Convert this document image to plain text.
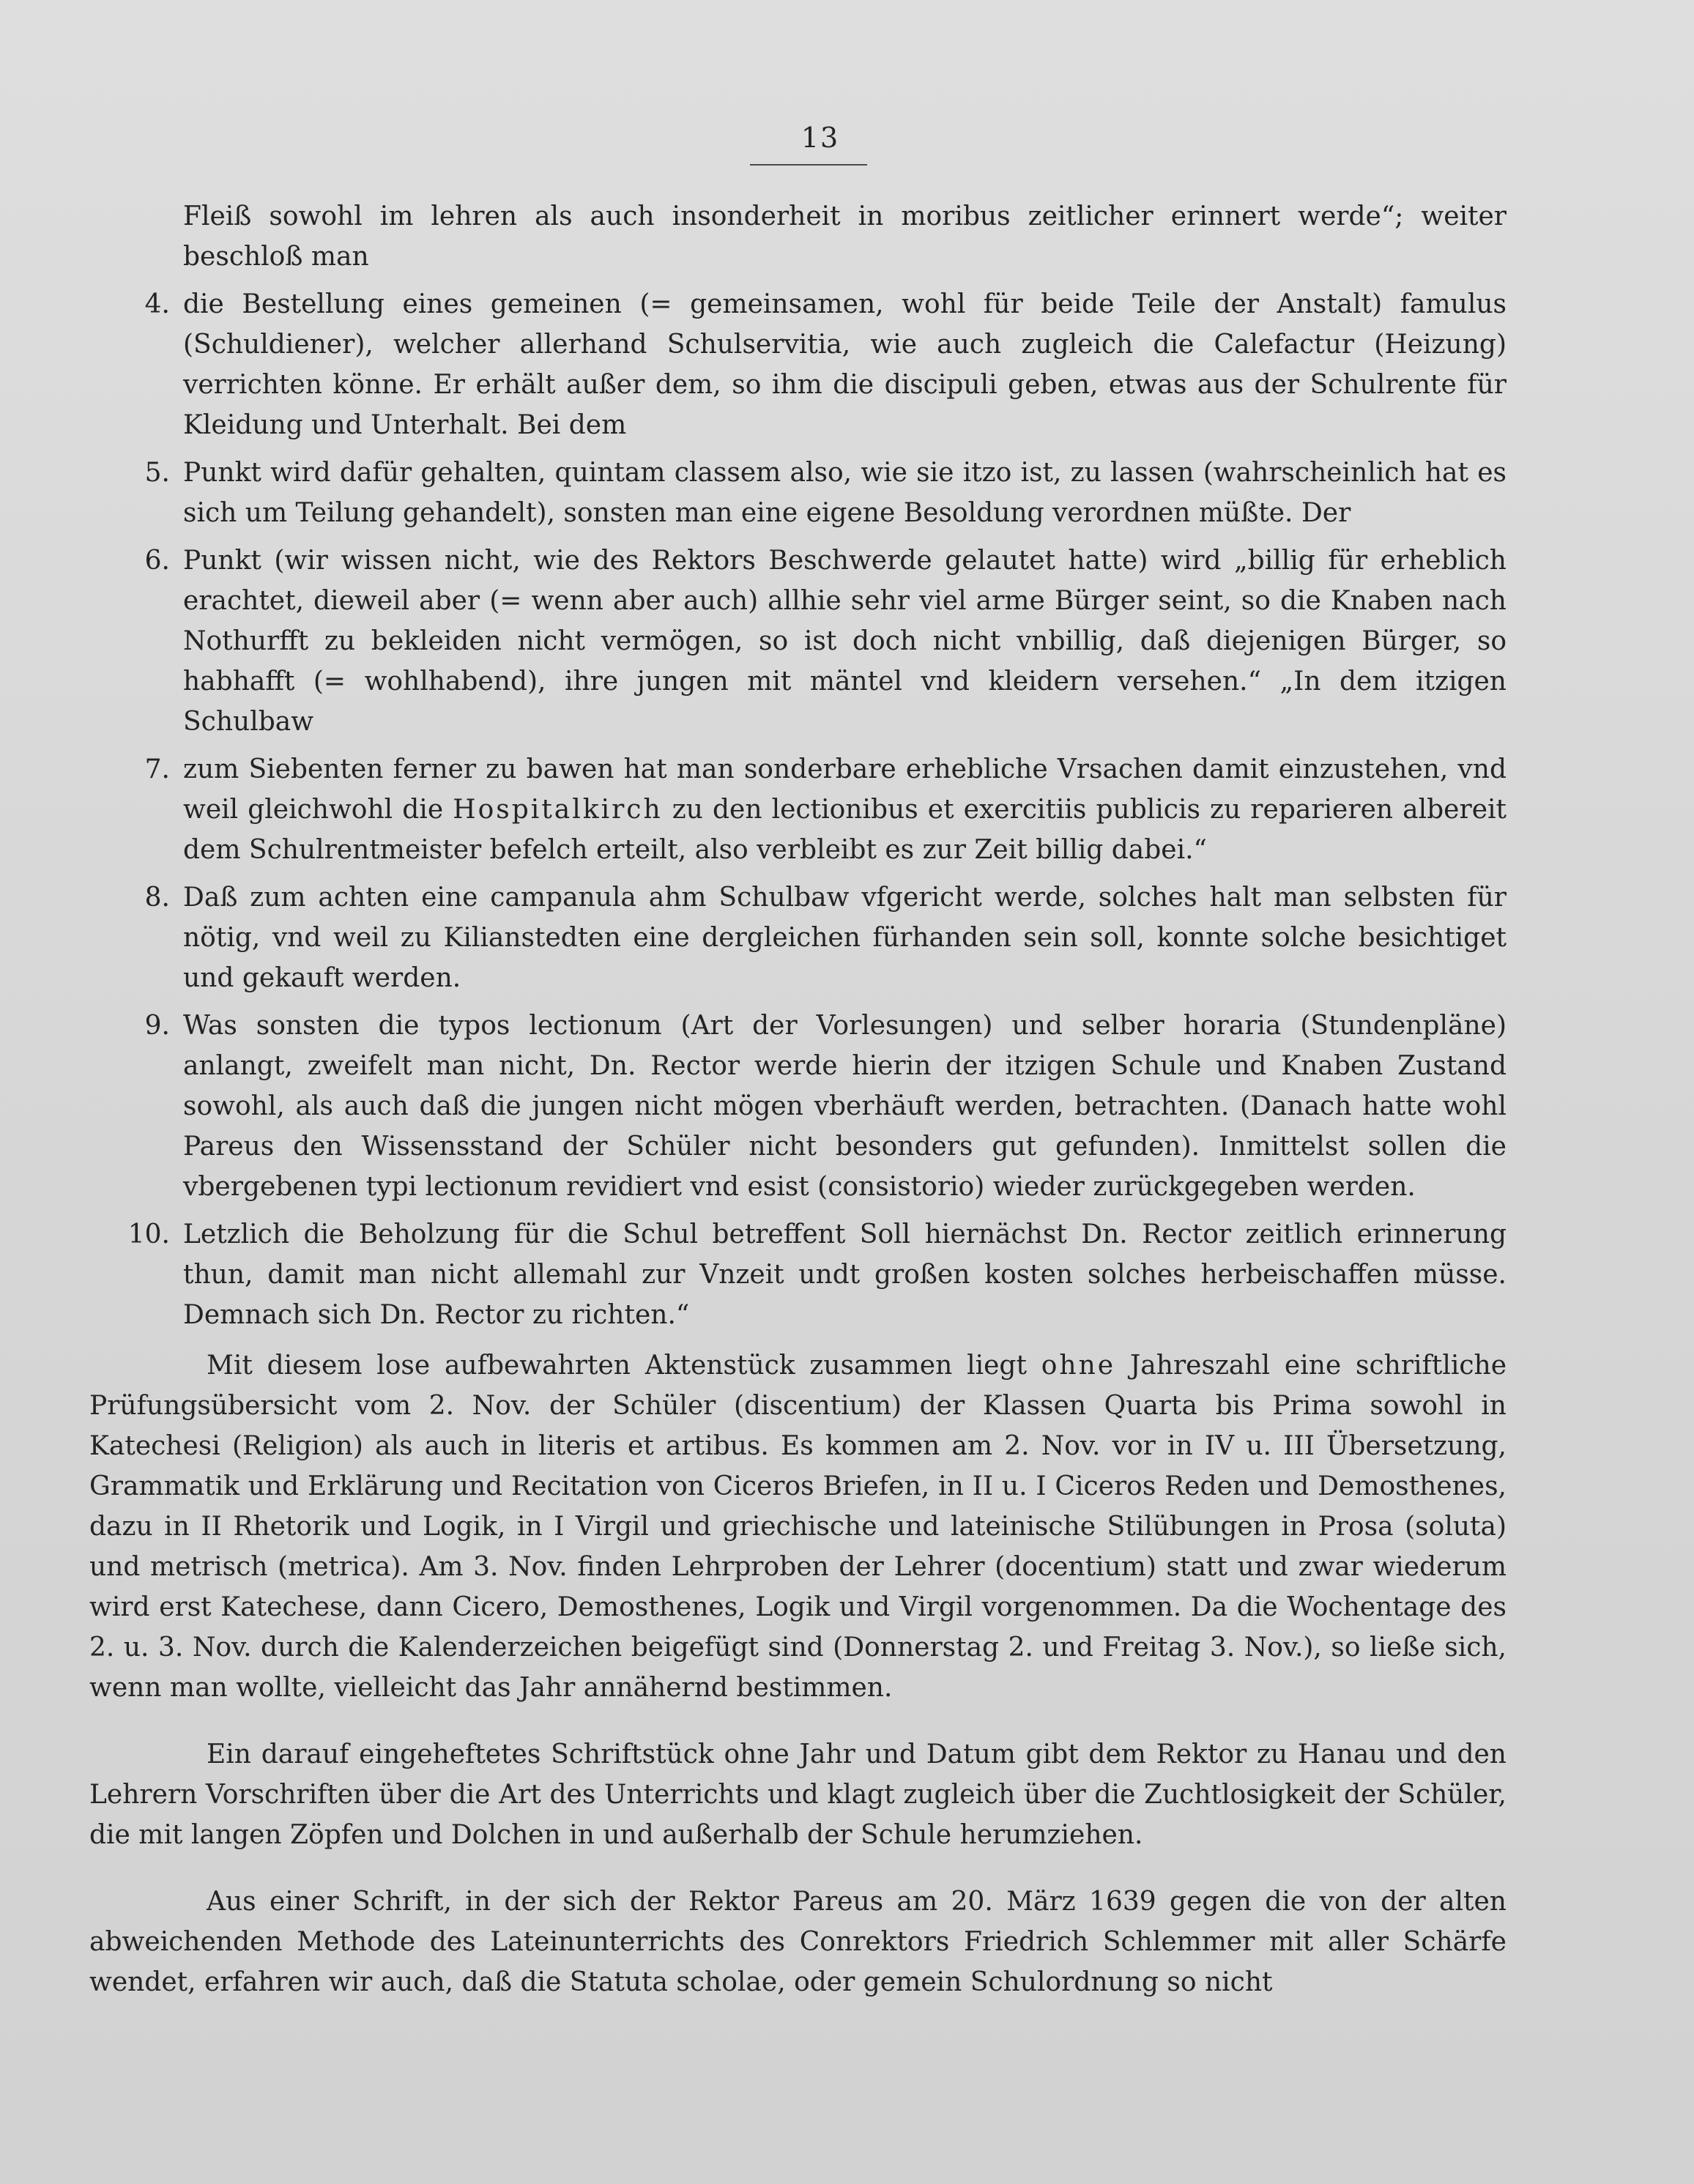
13
Fleiß sowohl im lehren als auch insonderheit in moribus zeitlicher erinnert werde“; weiter beschloß man
4. die Bestellung eines gemeinen (= gemeinsamen, wohl für beide Teile der Anstalt) famulus (Schuldiener), welcher allerhand Schulservitia, wie auch zugleich die Calefactur (Heizung) verrichten könne. Er erhält außer dem, so ihm die discipuli geben, etwas aus der Schulrente für Kleidung und Unterhalt. Bei dem
5. Punkt wird dafür gehalten, quintam classem also, wie sie itzo ist, zu lassen (wahrscheinlich hat es sich um Teilung gehandelt), sonsten man eine eigene Besoldung verordnen müßte. Der
6. Punkt (wir wissen nicht, wie des Rektors Beschwerde gelautet hatte) wird „billig für erheblich erachtet, dieweil aber (= wenn aber auch) allhie sehr viel arme Bürger seint, so die Knaben nach Nothurfft zu bekleiden nicht vermögen, so ist doch nicht vnbillig, daß diejenigen Bürger, so habhafft (= wohlhabend), ihre jungen mit mäntel vnd kleidern versehen.“ „In dem itzigen Schulbaw
7. zum Siebenten ferner zu bawen hat man sonderbare erhebliche Vrsachen damit einzustehen, vnd weil gleichwohl die Hospitalkirch zu den lectionibus et exercitiis publicis zu reparieren albereit dem Schulrentmeister befelch erteilt, also verbleibt es zur Zeit billig dabei.“
8. Daß zum achten eine campanula ahm Schulbaw vfgericht werde, solches halt man selbsten für nötig, vnd weil zu Kilianstedten eine dergleichen fürhanden sein soll, konnte solche besichtiget und gekauft werden.
9. Was sonsten die typos lectionum (Art der Vorlesungen) und selber horaria (Stundenpläne) anlangt, zweifelt man nicht, Dn. Rector werde hierin der itzigen Schule und Knaben Zustand sowohl, als auch daß die jungen nicht mögen vberhäuft werden, betrachten. (Danach hatte wohl Pareus den Wissensstand der Schüler nicht besonders gut gefunden). Inmittelst sollen die vbergebenen typi lectionum revidiert vnd esist (consistorio) wieder zurückgegeben werden.
10. Letzlich die Beholzung für die Schul betreffent Soll hiernächst Dn. Rector zeitlich erinnerung thun, damit man nicht allemahl zur Vnzeit undt großen kosten solches herbeischaffen müsse. Demnach sich Dn. Rector zu richten.“

Mit diesem lose aufbewahrten Aktenstück zusammen liegt ohne Jahreszahl eine schriftliche Prüfungsübersicht vom 2. Nov. der Schüler (discentium) der Klassen Quarta bis Prima sowohl in Katechesi (Religion) als auch in literis et artibus. Es kommen am 2. Nov. vor in IV u. III Übersetzung, Grammatik und Erklärung und Recitation von Ciceros Briefen, in II u. I Ciceros Reden und Demosthenes, dazu in II Rhetorik und Logik, in I Virgil und griechische und lateinische Stilübungen in Prosa (soluta) und metrisch (metrica). Am 3. Nov. finden Lehrproben der Lehrer (docentium) statt und zwar wiederum wird erst Katechese, dann Cicero, Demosthenes, Logik und Virgil vorgenommen. Da die Wochentage des 2. u. 3. Nov. durch die Kalenderzeichen beigefügt sind (Donnerstag 2. und Freitag 3. Nov.), so ließe sich, wenn man wollte, vielleicht das Jahr annähernd bestimmen.

Ein darauf eingeheftetes Schriftstück ohne Jahr und Datum gibt dem Rektor zu Hanau und den Lehrern Vorschriften über die Art des Unterrichts und klagt zugleich über die Zuchtlosigkeit der Schüler, die mit langen Zöpfen und Dolchen in und außerhalb der Schule herumziehen.

Aus einer Schrift, in der sich der Rektor Pareus am 20. März 1639 gegen die von der alten abweichenden Methode des Lateinunterrichts des Conrektors Friedrich Schlemmer mit aller Schärfe wendet, erfahren wir auch, daß die Statuta scholae, oder gemein Schulordnung so nicht
